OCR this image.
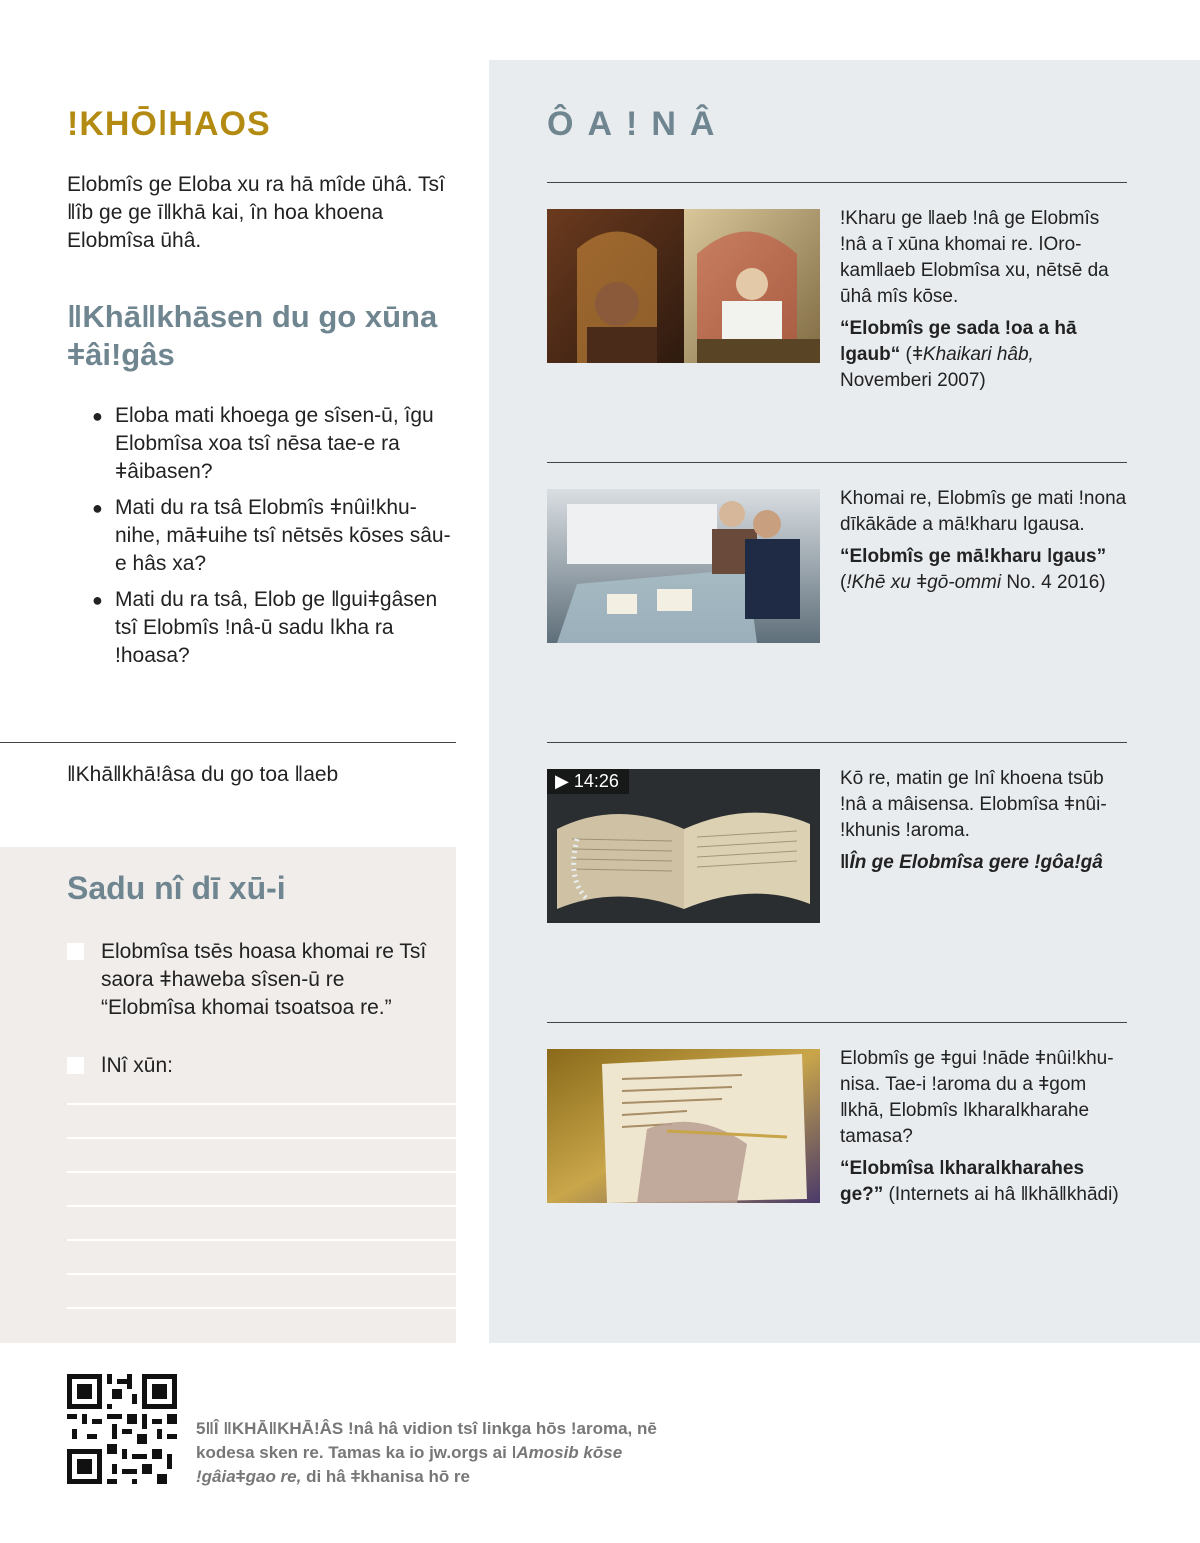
ǃKHŌǀHAOS

Elobmîs ge Eloba xu ra hā mîde ūhâ. Tsî ǁîb ge ge īǁkhā kai, în hoa khoena Elobmîsa ūhâ.

ǁKhāǁkhāsen du go xūna ǂâiǃgâs
● Eloba mati khoega ge sîsen-ū, îgu Elobmîsa xoa tsî nēsa tae-e ra ǂâibasen?
● Mati du ra tsâ Elobmîs ǂnûiǃkhu-nihe, māǂuihe tsî nētsēs kōses sâu-e hâs xa?
● Mati du ra tsâ, Elob ge ǁguiǂgâsen tsî Elobmîs ǃnâ-ū sadu ǀkha ra ǃhoasa?

ǁKhāǁkhāǃâsa du go toa ǁaeb

Sadu nî dī xū-i
Elobmîsa tsēs hoasa khomai re Tsî saora ǂhaweba sîsen-ū re “Elobmîsa khomai tsoatsoa re.”
ǀNî xūn:
ÔAǃNÂ

ǃKharu ge ǁaeb ǃnâ ge Elobmîs ǃnâ a ī xūna khomai re. ǀOro-kamǁaeb Elobmîsa xu, nētsē da ūhâ mîs kōse.

“Elobmîs ge sada ǃoa a hā ǀgaub“ (ǂKhaikari hâb, Novemberi 2007)

Khomai re, Elobmîs ge mati ǃnona dīkākāde a māǃkharu ǀgausa.

“Elobmîs ge māǃkharu ǀgaus” (ǃKhē xu ǂgō-ommi No. 4 2016)

▶ 14:26	Kō re, matin ge ǀnî khoena tsūb ǃnâ a mâisensa. Elobmîsa ǂnûi-ǃkhunis ǃaroma.

ǁÎn ge Elobmîsa gere ǃgôaǃgâ

Elobmîs ge ǂgui ǃnāde ǂnûiǃkhu-nisa. Tae-i ǃaroma du a ǂgom ǁkhā, Elobmîs ǀkharaǀkharahe tamasa?

“Elobmîsa ǀkharaǀkharahes ge?” (Internets ai hâ ǁkhāǁkhādi)

5ǁÎ ǁKHĀǁKHĀǃÂS ǃnâ hâ vidion tsî linkga hōs ǃaroma, nē kodesa sken re. Tamas ka io jw.orgs ai ǀAmosib kōse ǃgâiaǂgao re, di hâ ǂkhanisa hō re
